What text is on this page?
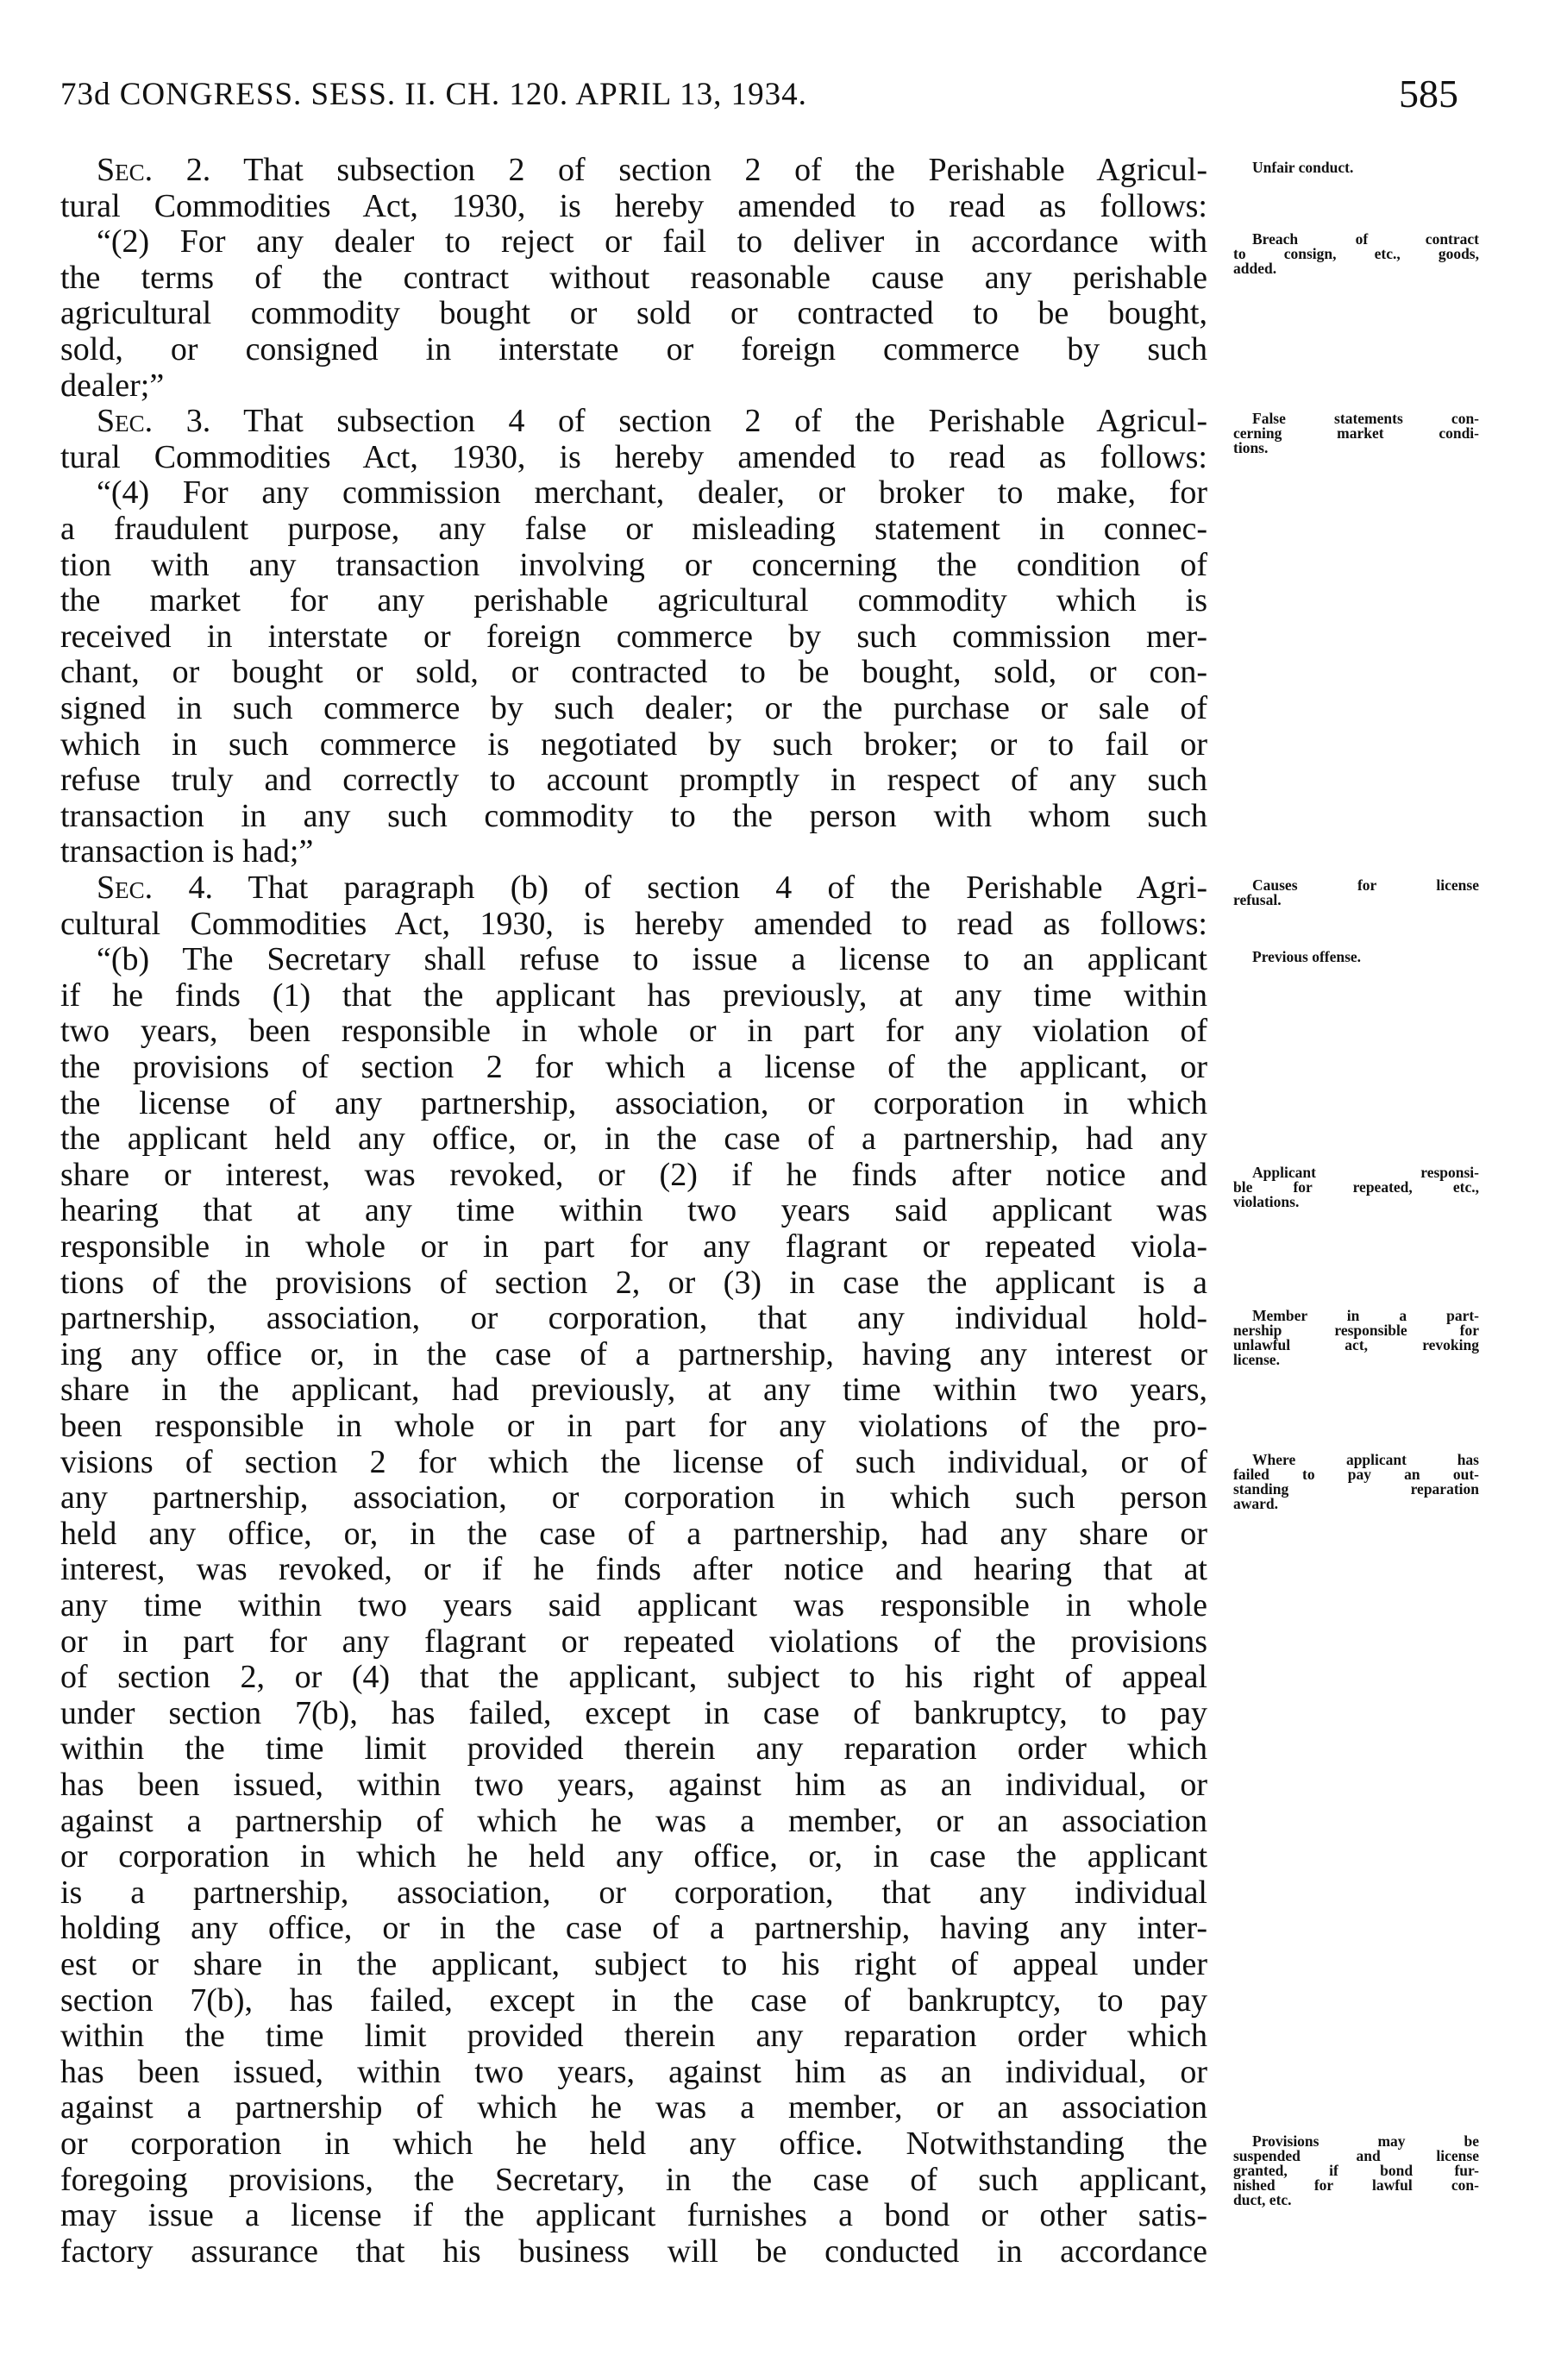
73d CONGRESS. SESS. II. CH. 120. APRIL 13, 1934.	585
Sec. 2. That subsection 2 of section 2 of the Perishable Agricul-
tural Commodities Act, 1930, is hereby amended to read as follows:
“(2) For any dealer to reject or fail to deliver in accordance with
the terms of the contract without reasonable cause any perishable
agricultural commodity bought or sold or contracted to be bought,
sold, or consigned in interstate or foreign commerce by such
dealer;”
Sec. 3. That subsection 4 of section 2 of the Perishable Agricul-
tural Commodities Act, 1930, is hereby amended to read as follows:
“(4) For any commission merchant, dealer, or broker to make, for
a fraudulent purpose, any false or misleading statement in connec-
tion with any transaction involving or concerning the condition of
the market for any perishable agricultural commodity which is
received in interstate or foreign commerce by such commission mer-
chant, or bought or sold, or contracted to be bought, sold, or con-
signed in such commerce by such dealer; or the purchase or sale of
which in such commerce is negotiated by such broker; or to fail or
refuse truly and correctly to account promptly in respect of any such
transaction in any such commodity to the person with whom such
transaction is had;”
Sec. 4. That paragraph (b) of section 4 of the Perishable Agri-
cultural Commodities Act, 1930, is hereby amended to read as follows:
“(b) The Secretary shall refuse to issue a license to an applicant
if he finds (1) that the applicant has previously, at any time within
two years, been responsible in whole or in part for any violation of
the provisions of section 2 for which a license of the applicant, or
the license of any partnership, association, or corporation in which
the applicant held any office, or, in the case of a partnership, had any
share or interest, was revoked, or (2) if he finds after notice and
hearing that at any time within two years said applicant was
responsible in whole or in part for any flagrant or repeated viola-
tions of the provisions of section 2, or (3) in case the applicant is a
partnership, association, or corporation, that any individual hold-
ing any office or, in the case of a partnership, having any interest or
share in the applicant, had previously, at any time within two years,
been responsible in whole or in part for any violations of the pro-
visions of section 2 for which the license of such individual, or of
any partnership, association, or corporation in which such person
held any office, or, in the case of a partnership, had any share or
interest, was revoked, or if he finds after notice and hearing that at
any time within two years said applicant was responsible in whole
or in part for any flagrant or repeated violations of the provisions
of section 2, or (4) that the applicant, subject to his right of appeal
under section 7(b), has failed, except in case of bankruptcy, to pay
within the time limit provided therein any reparation order which
has been issued, within two years, against him as an individual, or
against a partnership of which he was a member, or an association
or corporation in which he held any office, or, in case the applicant
is a partnership, association, or corporation, that any individual
holding any office, or in the case of a partnership, having any inter-
est or share in the applicant, subject to his right of appeal under
section 7(b), has failed, except in the case of bankruptcy, to pay
within the time limit provided therein any reparation order which
has been issued, within two years, against him as an individual, or
against a partnership of which he was a member, or an association
or corporation in which he held any office. Notwithstanding the
foregoing provisions, the Secretary, in the case of such applicant,
may issue a license if the applicant furnishes a bond or other satis-
factory assurance that his business will be conducted in accordance
Unfair conduct.
Breach of contract
to consign, etc., goods,
added.
False statements con-
cerning market condi-
tions.
Causes for license
refusal.
Previous offense.
Applicant responsi-
ble for repeated, etc.,
violations.
Member in a part-
nership responsible for
unlawful act, revoking
license.
Where applicant has
failed to pay an out-
standing reparation
award.
Provisions may be
suspended and license
granted, if bond fur-
nished for lawful con-
duct, etc.
